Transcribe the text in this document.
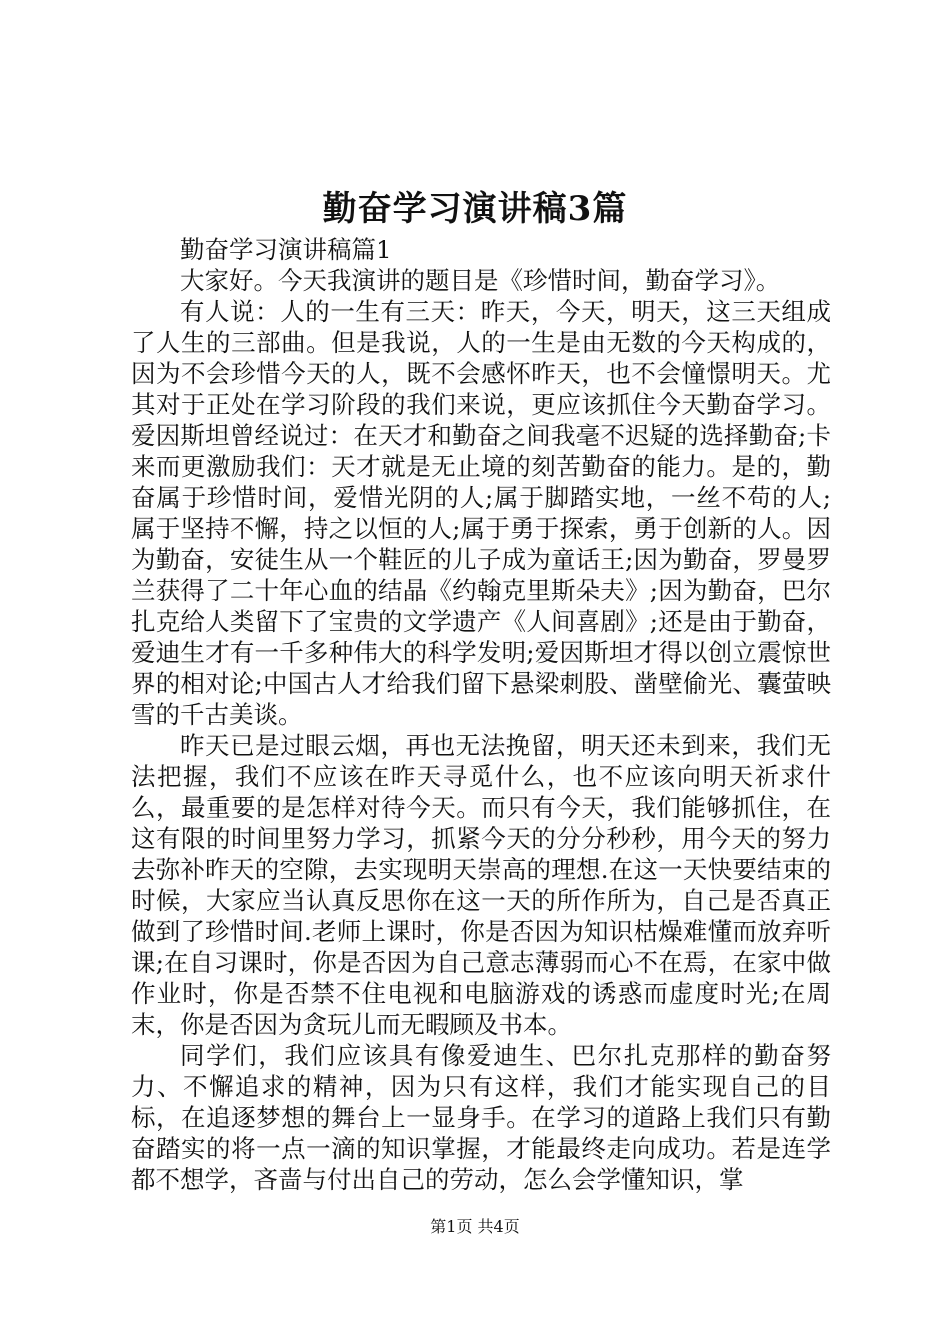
勤奋学习演讲稿3篇

勤奋学习演讲稿篇1

大家好。今天我演讲的题目是《珍惜时间，勤奋学习》。

有人说：人的一生有三天：昨天，今天，明天，这三天组成了人生的三部曲。但是我说，人的一生是由无数的今天构成的，因为不会珍惜今天的人，既不会感怀昨天，也不会憧憬明天。尤其对于正处在学习阶段的我们来说，更应该抓住今天勤奋学习。爱因斯坦曾经说过：在天才和勤奋之间我毫不迟疑的选择勤奋;卡来而更激励我们：天才就是无止境的刻苦勤奋的能力。是的，勤奋属于珍惜时间，爱惜光阴的人;属于脚踏实地，一丝不苟的人;属于坚持不懈，持之以恒的人;属于勇于探索，勇于创新的人。因为勤奋，安徒生从一个鞋匠的儿子成为童话王;因为勤奋，罗曼罗兰获得了二十年心血的结晶《约翰克里斯朵夫》;因为勤奋，巴尔扎克给人类留下了宝贵的文学遗产《人间喜剧》;还是由于勤奋，爱迪生才有一千多种伟大的科学发明;爱因斯坦才得以创立震惊世界的相对论;中国古人才给我们留下悬梁刺股、凿壁偷光、囊萤映雪的千古美谈。

昨天已是过眼云烟，再也无法挽留，明天还未到来，我们无法把握，我们不应该在昨天寻觅什么，也不应该向明天祈求什么，最重要的是怎样对待今天。而只有今天，我们能够抓住，在这有限的时间里努力学习，抓紧今天的分分秒秒，用今天的努力去弥补昨天的空隙，去实现明天崇高的理想.在这一天快要结束的时候，大家应当认真反思你在这一天的所作所为，自己是否真正做到了珍惜时间.老师上课时，你是否因为知识枯燥难懂而放弃听课;在自习课时，你是否因为自己意志薄弱而心不在焉，在家中做作业时，你是否禁不住电视和电脑游戏的诱惑而虚度时光;在周末，你是否因为贪玩儿而无暇顾及书本。

同学们，我们应该具有像爱迪生、巴尔扎克那样的勤奋努力、不懈追求的精神，因为只有这样，我们才能实现自己的目标，在追逐梦想的舞台上一显身手。在学习的道路上我们只有勤奋踏实的将一点一滴的知识掌握，才能最终走向成功。若是连学都不想学，吝啬与付出自己的劳动，怎么会学懂知识，掌

第1页 共4页
